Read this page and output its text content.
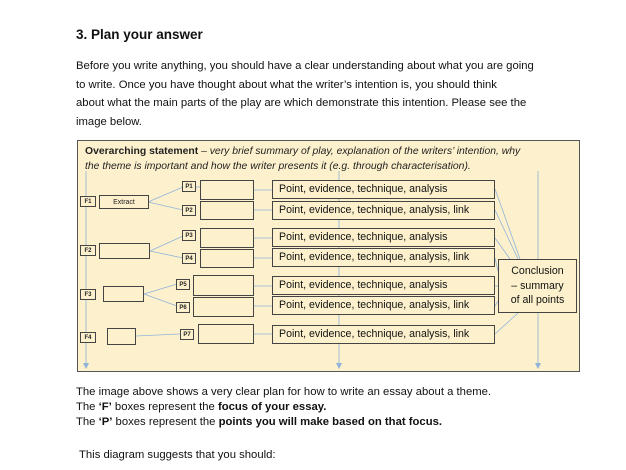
3. Plan your answer
Before you write anything, you should have a clear understanding about what you are going
to write. Once you have thought about what the writer’s intention is, you should think
about what the main parts of the play are which demonstrate this intention. Please see the
image below.
Overarching statement – very brief summary of play, explanation of the writers’ intention, why
the theme is important and how the writer presents it (e.g. through characterisation).
F1	Extract
F2
F3
F4
P1
P2
P3
P4
P5
P6
P7
Point, evidence, technique, analysis
Point, evidence, technique, analysis, link
Point, evidence, technique, analysis
Point, evidence, technique, analysis, link
Point, evidence, technique, analysis
Point, evidence, technique, analysis, link
Point, evidence, technique, analysis, link
Conclusion
– summary
of all points

The image above shows a very clear plan for how to write an essay about a theme.

The ‘F’ boxes represent the focus of your essay.

The ‘P’ boxes represent the points you will make based on that focus.

This diagram suggests that you should:
